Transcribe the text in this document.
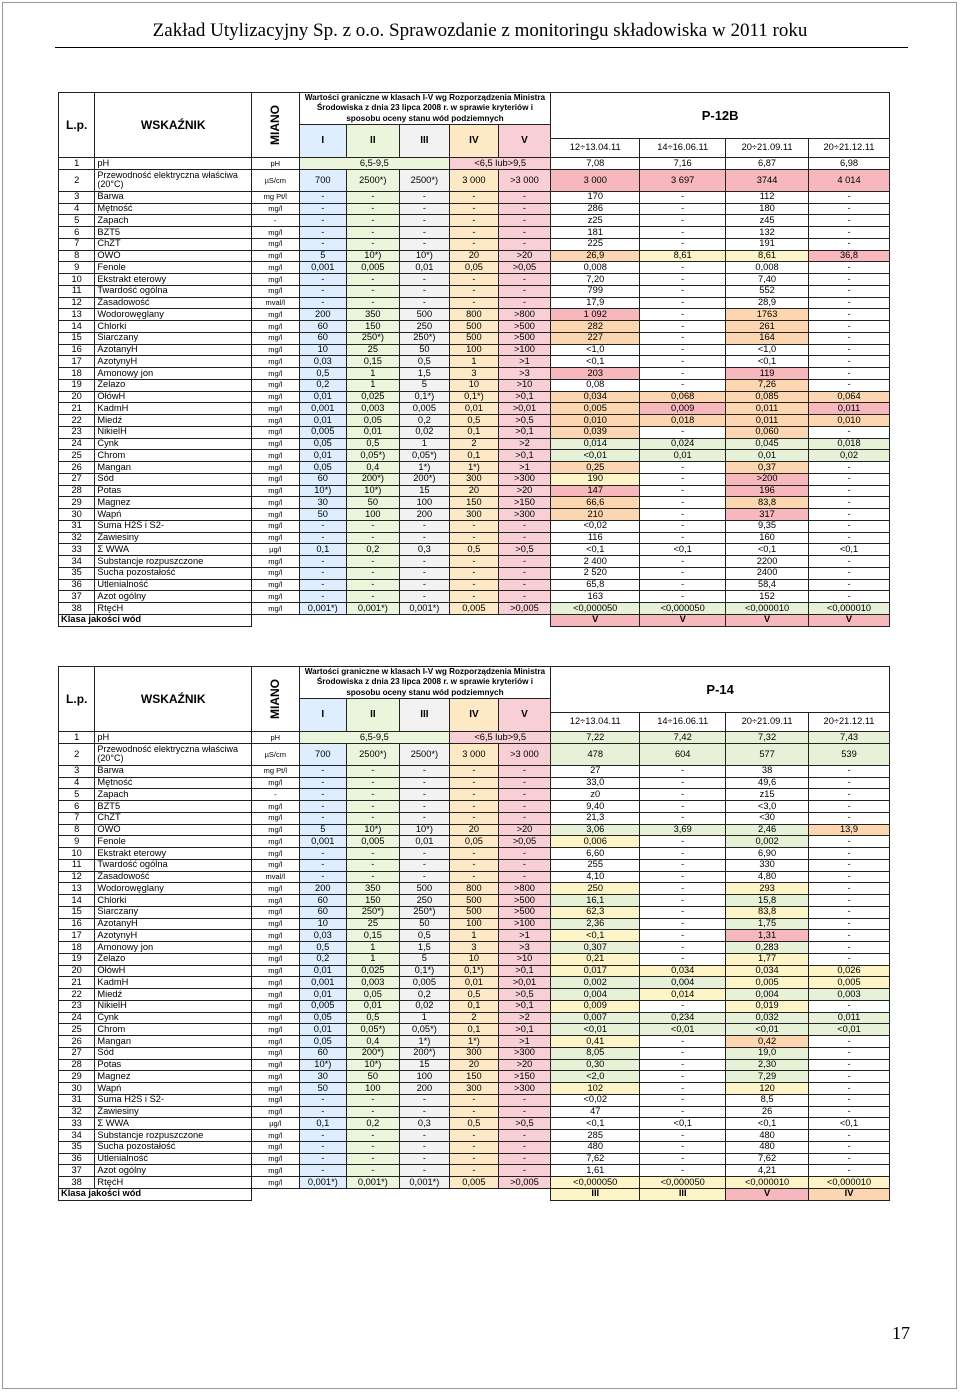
Zakład Utylizacyjny Sp. z o.o. Sprawozdanie z monitoringu składowiska w 2011 roku
L.p.	WSKAŹNIK	MIANO	Wartości graniczne w klasach I-V wg Rozporządzenia Ministra Środowiska z dnia 23 lipca 2008 r. w sprawie kryteriów i sposobu oceny stanu wód podziemnych					P-12B			
			I	II	III	IV	V				
								12÷13.04.11	14÷16.06.11	20÷21.09.11	20÷21.12.11
1	pH	pH	6,5-9,5			<6,5 lub>9,5		7,08	7,16	6,87	6,98
2	Przewodność elektryczna właściwa (20°C)	µS/cm	700	2500*)	2500*)	3 000	>3 000	3 000	3 697	3744	4 014
3	Barwa	mg Pt/l	-	-	-	-	-	170	-	112	-
4	Mętność	mg/l	-	-	-	-	-	286	-	180	-
5	Zapach	-	-	-	-	-	-	z25	-	z45	-
6	BZT5	mg/l	-	-	-	-	-	181	-	132	-
7	ChZT	mg/l	-	-	-	-	-	225	-	191	-
8	OWO	mg/l	5	10*)	10*)	20	>20	26,9	8,61	8,61	36,8
9	Fenole	mg/l	0,001	0,005	0,01	0,05	>0,05	0,008	-	0,008	-
10	Ekstrakt eterowy	mg/l	-	-	-	-	-	7,20	-	7,40	-
11	Twardość ogólna	mg/l	-	-	-	-	-	799	-	552	-
12	Zasadowość	mval/l	-	-	-	-	-	17,9	-	28,9	-
13	Wodorowęglany	mg/l	200	350	500	800	>800	1 092	-	1763	-
14	Chlorki	mg/l	60	150	250	500	>500	282	-	261	-
15	Siarczany	mg/l	60	250*)	250*)	500	>500	227	-	164	-
16	AzotanyH	mg/l	10	25	50	100	>100	<1,0	-	<1,0	-
17	AzotynyH	mg/l	0,03	0,15	0,5	1	>1	<0,1	-	<0,1	-
18	Amonowy jon	mg/l	0,5	1	1,5	3	>3	203	-	119	-
19	Żelazo	mg/l	0,2	1	5	10	>10	0,08	-	7,26	-
20	OłówH	mg/l	0,01	0,025	0,1*)	0,1*)	>0,1	0,034	0,068	0,085	0,064
21	KadmH	mg/l	0,001	0,003	0,005	0,01	>0,01	0,005	0,009	0,011	0,011
22	Miedź	mg/l	0,01	0,05	0,2	0,5	>0,5	0,010	0,018	0,011	0,010
23	NikielH	mg/l	0,005	0,01	0,02	0,1	>0,1	0,039	-	0,060	-
24	Cynk	mg/l	0,05	0,5	1	2	>2	0,014	0,024	0,045	0,018
25	Chrom	mg/l	0,01	0,05*)	0,05*)	0,1	>0,1	<0,01	0,01	0,01	0,02
26	Mangan	mg/l	0,05	0,4	1*)	1*)	>1	0,25	-	0,37	-
27	Sód	mg/l	60	200*)	200*)	300	>300	190	-	>200	-
28	Potas	mg/l	10*)	10*)	15	20	>20	147	-	196	-
29	Magnez	mg/l	30	50	100	150	>150	66,6	-	83,8	-
30	Wapń	mg/l	50	100	200	300	>300	210	-	317	-
31	Suma H2S i S2-	mg/l	-	-	-	-	-	<0,02	-	9,35	-
32	Zawiesiny	mg/l	-	-	-	-	-	116	-	160	-
33	Σ WWA	µg/l	0,1	0,2	0,3	0,5	>0,5	<0,1	<0,1	<0,1	<0,1
34	Substancje rozpuszczone	mg/l	-	-	-	-	-	2 400	-	2200	-
35	Sucha pozostałość	mg/l	-	-	-	-	-	2 520	-	2400	-
36	Utlenialność	mg/l	-	-	-	-	-	65,8	-	58,4	-
37	Azot ogólny	mg/l	-	-	-	-	-	163	-	152	-
38	RtęćH	mg/l	0,001*)	0,001*)	0,001*)	0,005	>0,005	<0,000050	<0,000050	<0,000010	<0,000010
Klasa jakości wód								V	V	V	V
L.p.	WSKAŹNIK	MIANO	Wartości graniczne w klasach I-V wg Rozporządzenia Ministra Środowiska z dnia 23 lipca 2008 r. w sprawie kryteriów i sposobu oceny stanu wód podziemnych					P-14			
			I	II	III	IV	V				
								12÷13.04.11	14÷16.06.11	20÷21.09.11	20÷21.12.11
1	pH	pH	6,5-9,5			<6,5 lub>9,5		7,22	7,42	7,32	7,43
2	Przewodność elektryczna właściwa (20°C)	µS/cm	700	2500*)	2500*)	3 000	>3 000	478	604	577	539
3	Barwa	mg Pt/l	-	-	-	-	-	27	-	38	-
4	Mętność	mg/l	-	-	-	-	-	33,0	-	49,6	-
5	Zapach	-	-	-	-	-	-	z0	-	z15	-
6	BZT5	mg/l	-	-	-	-	-	9,40	-	<3,0	-
7	ChZT	mg/l	-	-	-	-	-	21,3	-	<30	-
8	OWO	mg/l	5	10*)	10*)	20	>20	3,06	3,69	2,46	13,9
9	Fenole	mg/l	0,001	0,005	0,01	0,05	>0,05	0,006	-	0,002	-
10	Ekstrakt eterowy	mg/l	-	-	-	-	-	6,60	-	6,90	-
11	Twardość ogólna	mg/l	-	-	-	-	-	255	-	330	-
12	Zasadowość	mval/l	-	-	-	-	-	4,10	-	4,80	-
13	Wodorowęglany	mg/l	200	350	500	800	>800	250	-	293	-
14	Chlorki	mg/l	60	150	250	500	>500	16,1	-	15,8	-
15	Siarczany	mg/l	60	250*)	250*)	500	>500	62,3	-	83,8	-
16	AzotanyH	mg/l	10	25	50	100	>100	2,36	-	1,75	-
17	AzotynyH	mg/l	0,03	0,15	0,5	1	>1	<0,1	-	1,31	-
18	Amonowy jon	mg/l	0,5	1	1,5	3	>3	0,307	-	0,283	-
19	Żelazo	mg/l	0,2	1	5	10	>10	0,21	-	1,77	-
20	OłówH	mg/l	0,01	0,025	0,1*)	0,1*)	>0,1	0,017	0,034	0,034	0,026
21	KadmH	mg/l	0,001	0,003	0,005	0,01	>0,01	0,002	0,004	0,005	0,005
22	Miedź	mg/l	0,01	0,05	0,2	0,5	>0,5	0,004	0,014	0,004	0,003
23	NikielH	mg/l	0,005	0,01	0,02	0,1	>0,1	0,009	-	0,019	-
24	Cynk	mg/l	0,05	0,5	1	2	>2	0,007	0,234	0,032	0,011
25	Chrom	mg/l	0,01	0,05*)	0,05*)	0,1	>0,1	<0,01	<0,01	<0,01	<0,01
26	Mangan	mg/l	0,05	0,4	1*)	1*)	>1	0,41	-	0,42	-
27	Sód	mg/l	60	200*)	200*)	300	>300	8,05	-	19,0	-
28	Potas	mg/l	10*)	10*)	15	20	>20	0,30	-	2,30	-
29	Magnez	mg/l	30	50	100	150	>150	<2,0	-	7,29	-
30	Wapń	mg/l	50	100	200	300	>300	102	-	120	-
31	Suma H2S i S2-	mg/l	-	-	-	-	-	<0,02	-	8,5	-
32	Zawiesiny	mg/l	-	-	-	-	-	47	-	26	-
33	Σ WWA	µg/l	0,1	0,2	0,3	0,5	>0,5	<0,1	<0,1	<0,1	<0,1
34	Substancje rozpuszczone	mg/l	-	-	-	-	-	285	-	480	-
35	Sucha pozostałość	mg/l	-	-	-	-	-	480	-	480	-
36	Utlenialność	mg/l	-	-	-	-	-	7,62	-	7,62	-
37	Azot ogólny	mg/l	-	-	-	-	-	1,61	-	4,21	-
38	RtęćH	mg/l	0,001*)	0,001*)	0,001*)	0,005	>0,005	<0,000050	<0,000050	<0,000010	<0,000010
Klasa jakości wód								III	III	V	IV
17
